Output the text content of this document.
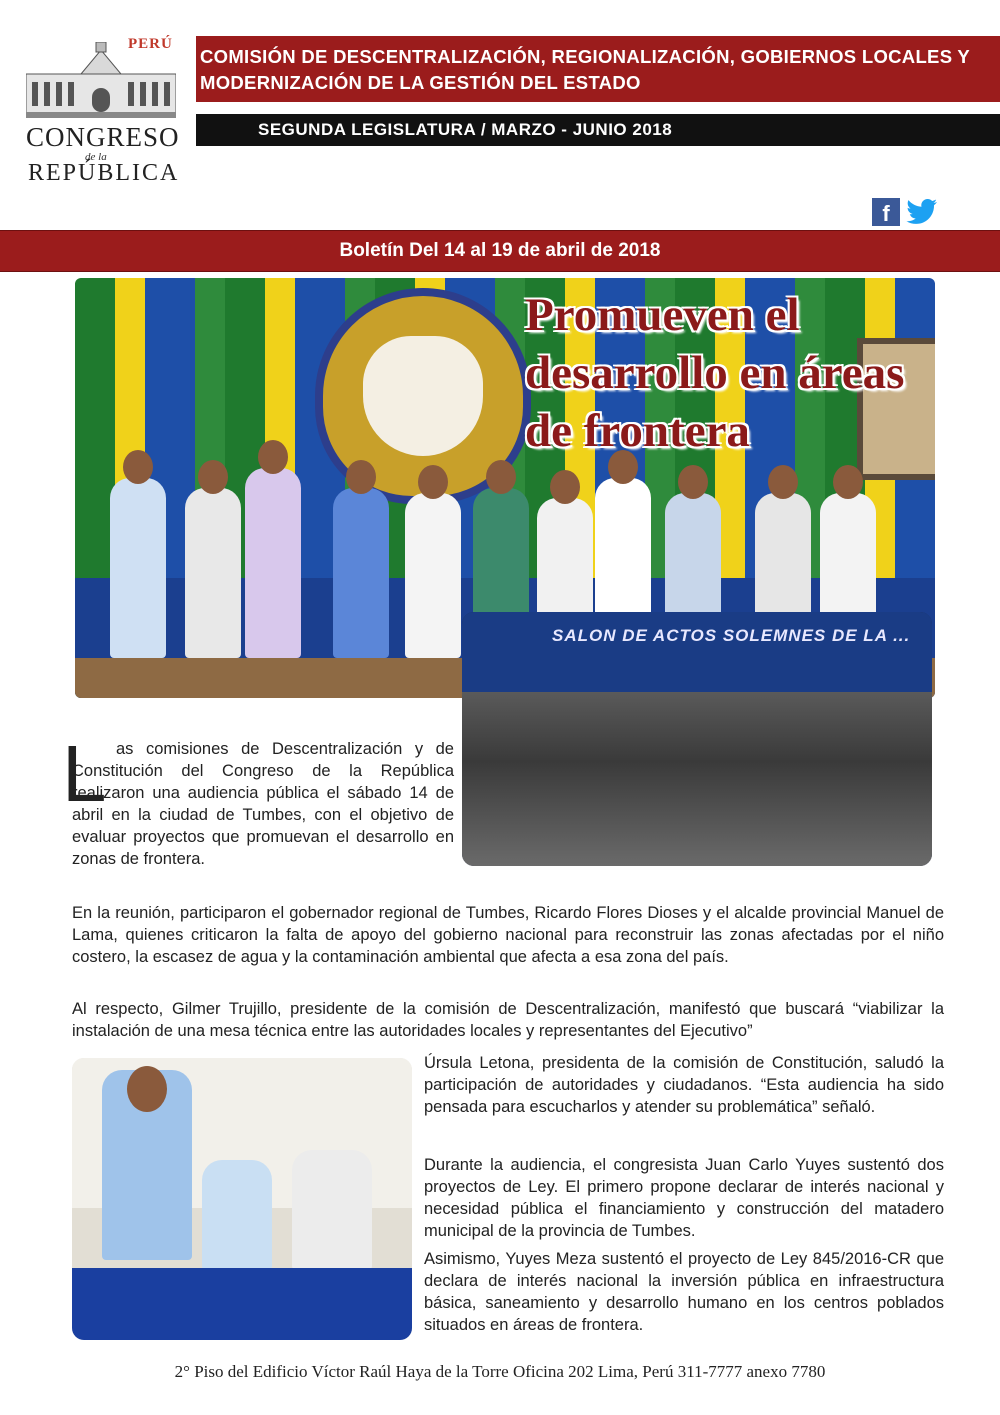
COMISIÓN DE DESCENTRALIZACIÓN, REGIONALIZACIÓN, GOBIERNOS LOCALES Y MODERNIZACIÓN DE LA GESTIÓN DEL ESTADO
SEGUNDA LEGISLATURA / MARZO - JUNIO 2018
PERÚ
CONGRESO
de la
REPÚBLICA
f
Boletín Del 14 al 19 de abril de 2018
Promueven el desarrollo en áreas de frontera
SALON DE ACTOS SOLEMNES DE LA ...
L as comisiones de Descentralización y de Constitución del Congreso de la República realizaron una audiencia pública el sábado 14 de abril en la ciudad de Tumbes, con el objetivo de evaluar proyectos que promuevan el desarrollo en zonas de frontera.
En la reunión, participaron el gobernador regional de Tumbes, Ricardo Flores Dioses y el alcalde provincial Manuel de Lama, quienes criticaron la falta de apoyo del gobierno nacional para reconstruir las zonas afectadas por el niño costero, la escasez de agua y la contaminación ambiental que afecta a esa zona del país.
Al respecto, Gilmer Trujillo, presidente de la comisión de Descentralización, manifestó que buscará “viabilizar la instalación de una mesa técnica entre las autoridades locales y representantes del Ejecutivo”
Úrsula Letona, presidenta de la comisión de Constitución, saludó la participación de autoridades y ciudadanos. “Esta audiencia ha sido pensada para escucharlos y atender su problemática” señaló.
Durante la audiencia, el congresista Juan Carlo Yuyes sustentó dos proyectos de Ley. El primero propone declarar de interés nacional y necesidad pública el financiamiento y construcción del matadero municipal de la provincia de Tumbes.
Asimismo, Yuyes Meza sustentó el proyecto de Ley 845/2016-CR que declara de interés nacional la inversión pública en infraestructura básica, saneamiento y desarrollo humano en los centros poblados situados en áreas de frontera.
2° Piso del Edificio Víctor Raúl Haya de la Torre Oficina 202 Lima, Perú 311-7777 anexo 7780
